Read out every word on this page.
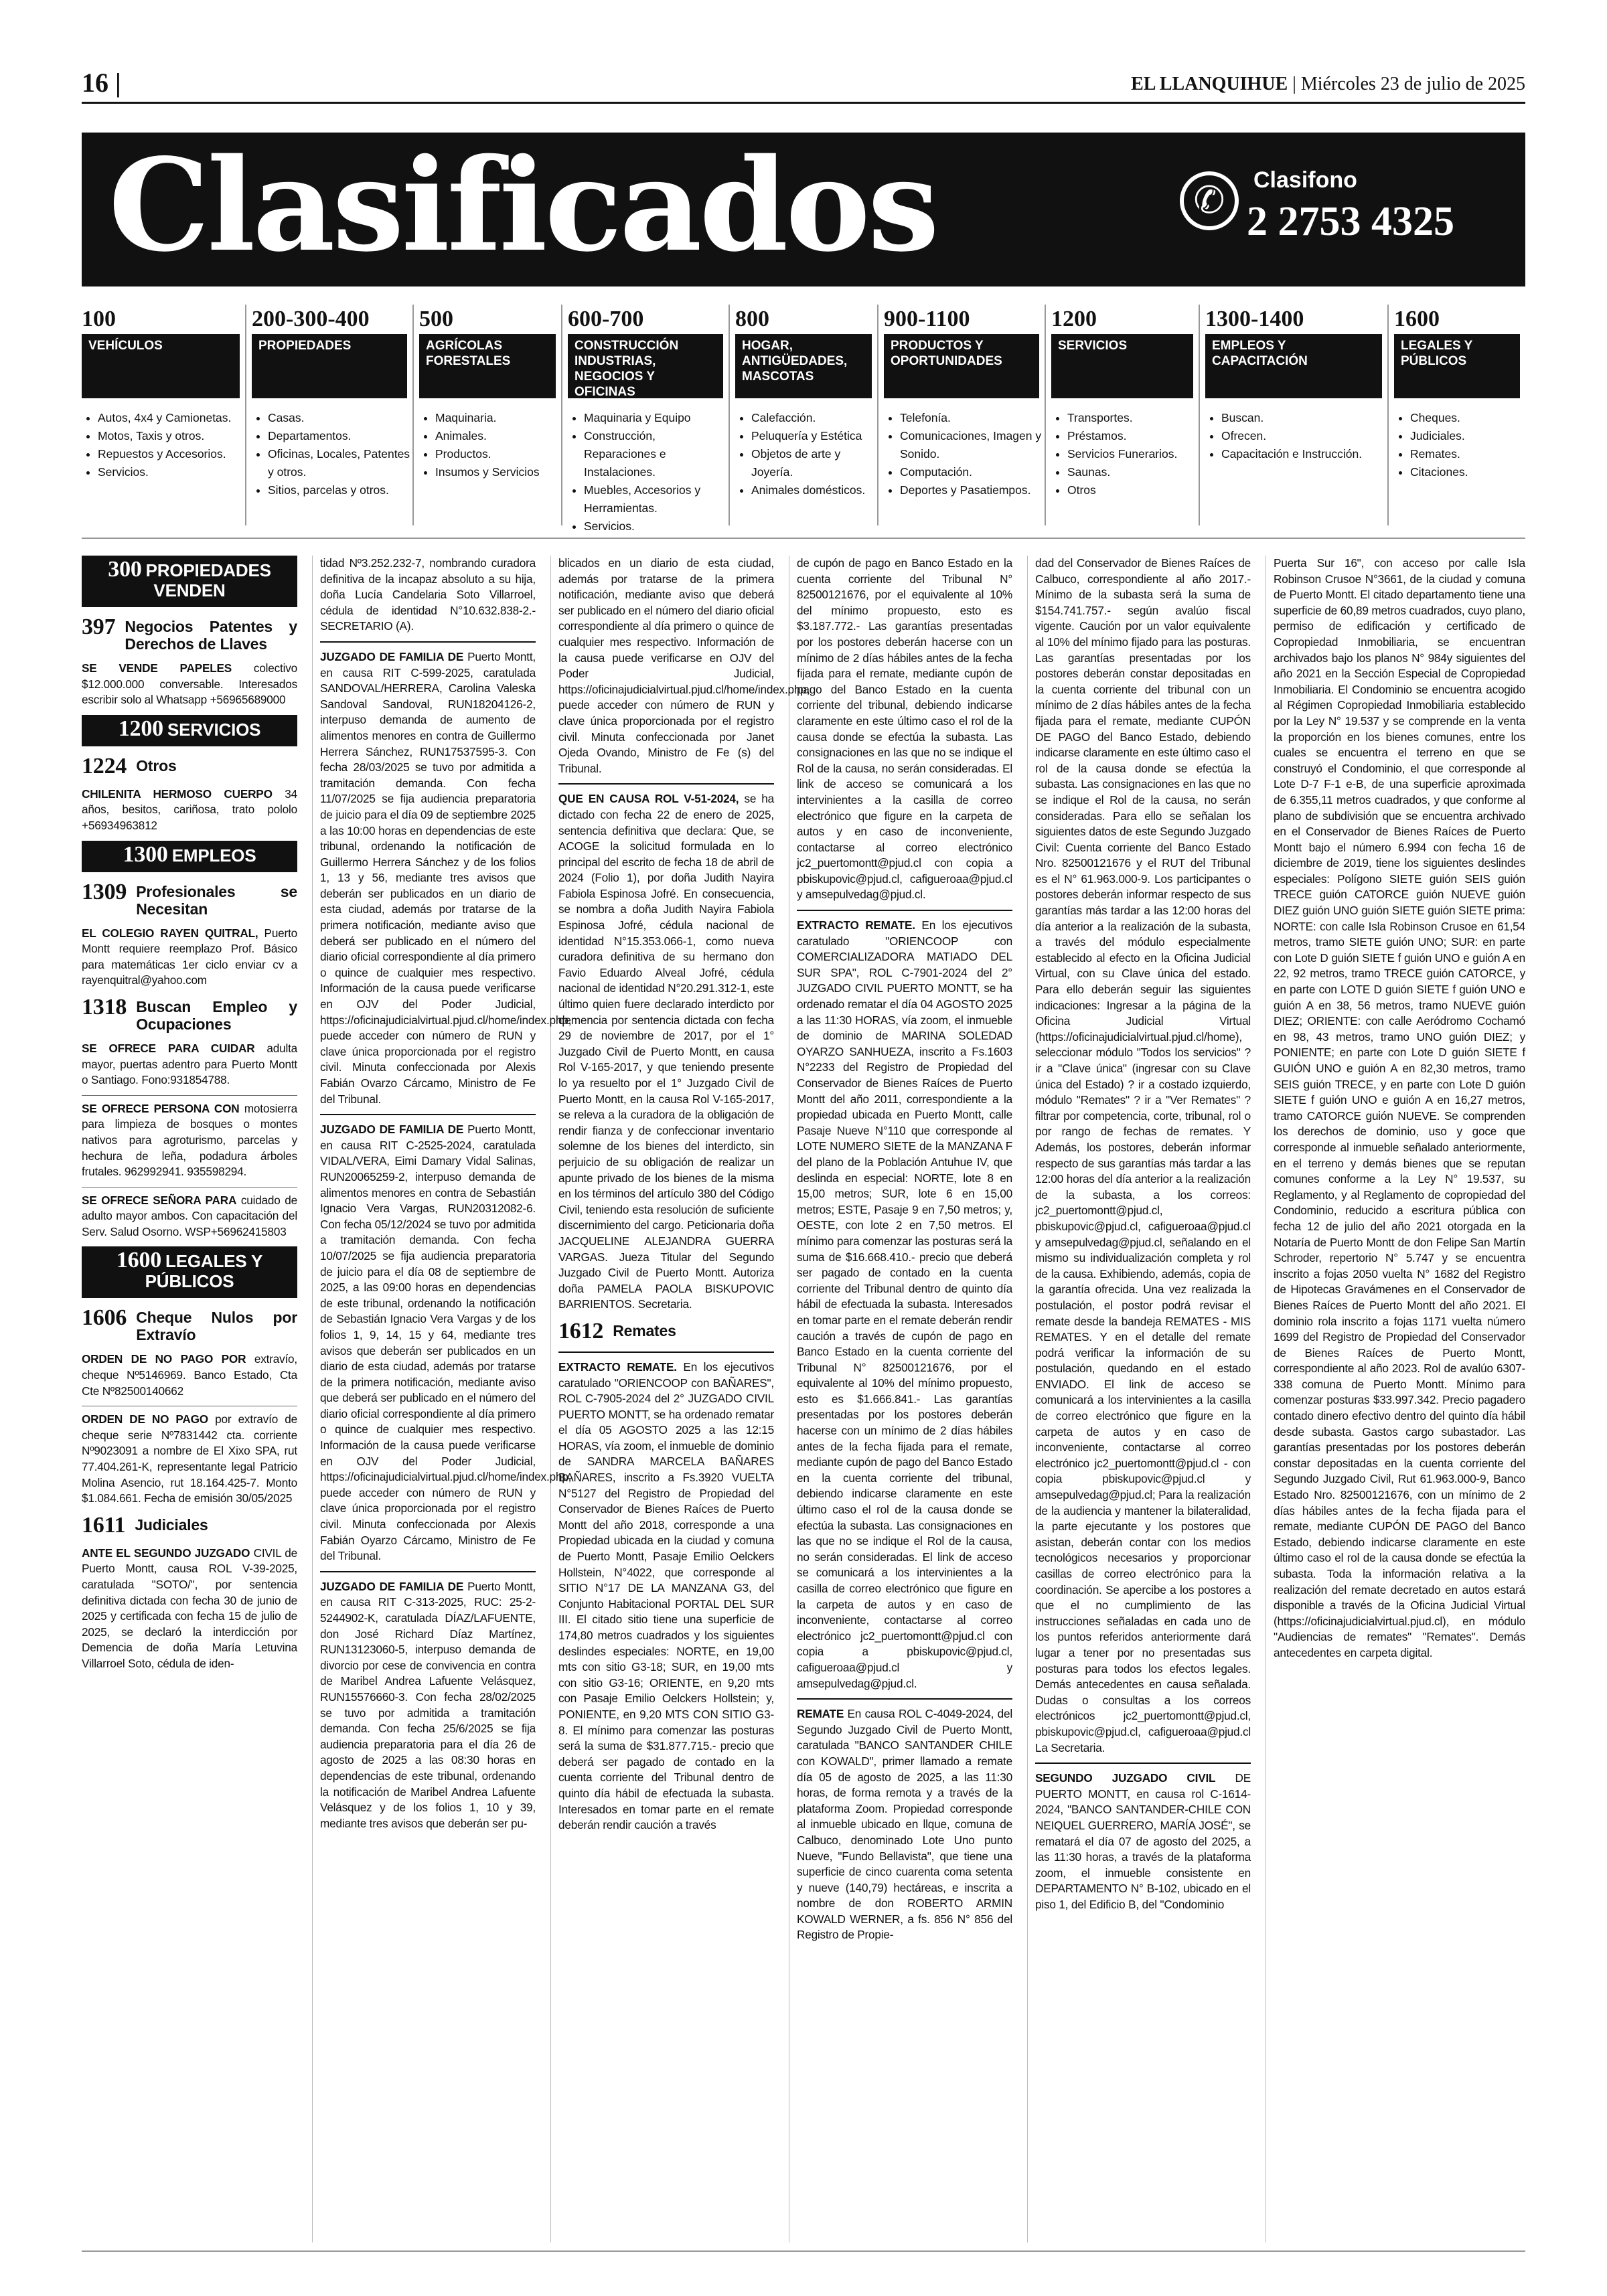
16 |	EL LLANQUIHUE | Miércoles 23 de julio de 2025
Clasificados	✆	Clasifono
2 2753 4325
100
VEHÍCULOS
• Autos, 4x4 y Camionetas.
• Motos, Taxis y otros.
• Repuestos y Accesorios.
• Servicios.
200-300-400
PROPIEDADES
• Casas.
• Departamentos.
• Oficinas, Locales, Patentes y otros.
• Sitios, parcelas y otros.
500
AGRÍCOLAS FORESTALES
• Maquinaria.
• Animales.
• Productos.
• Insumos y Servicios
600-700
CONSTRUCCIÓN INDUSTRIAS, NEGOCIOS Y OFICINAS
• Maquinaria y Equipo
• Construcción, Reparaciones e Instalaciones.
• Muebles, Accesorios y Herramientas.
• Servicios.
800
HOGAR, ANTIGÜEDADES, MASCOTAS
• Calefacción.
• Peluquería y Estética
• Objetos de arte y Joyería.
• Animales domésticos.
900-1100
PRODUCTOS Y OPORTUNIDADES
• Telefonía.
• Comunicaciones, Imagen y Sonido.
• Computación.
• Deportes y Pasatiempos.
1200
SERVICIOS
• Transportes.
• Préstamos.
• Servicios Funerarios.
• Saunas.
• Otros
1300-1400
EMPLEOS Y CAPACITACIÓN
• Buscan.
• Ofrecen.
• Capacitación e Instrucción.
1600
LEGALES Y PÚBLICOS
• Cheques.
• Judiciales.
• Remates.
• Citaciones.
300 PROPIEDADES VENDEN
397 Negocios Patentes y Derechos de Llaves

SE VENDE PAPELES colectivo $12.000.000 conversable. Interesados escribir solo al Whatsapp +56965689000

1200 SERVICIOS
1224 Otros

CHILENITA HERMOSO CUERPO 34 años, besitos, cariñosa, trato pololo +56934963812

1300 EMPLEOS
1309 Profesionales se Necesitan

EL COLEGIO RAYEN QUITRAL, Puerto Montt requiere reemplazo Prof. Básico para matemáticas 1er ciclo enviar cv a rayenquitral@yahoo.com

1318 Buscan Empleo y Ocupaciones

SE OFRECE PARA CUIDAR adulta mayor, puertas adentro para Puerto Montt o Santiago. Fono:931854788.

SE OFRECE PERSONA CON motosierra para limpieza de bosques o montes nativos para agroturismo, parcelas y hechura de leña, podadura árboles frutales. 962992941. 935598294.

SE OFRECE SEÑORA PARA cuidado de adulto mayor ambos. Con capacitación del Serv. Salud Osorno. WSP+56962415803

1600 LEGALES Y PÚBLICOS
1606 Cheque Nulos por Extravío

ORDEN DE NO PAGO POR extravío, cheque Nº5146969. Banco Estado, Cta Cte Nº82500140662

ORDEN DE NO PAGO por extravío de cheque serie Nº7831442 cta. corriente Nº9023091 a nombre de El Xixo SPA, rut 77.404.261-K, representante legal Patricio Molina Asencio, rut 18.164.425-7. Monto $1.084.661. Fecha de emisión 30/05/2025

1611 Judiciales

ANTE EL SEGUNDO JUZGADO CIVIL de Puerto Montt, causa ROL V-39-2025, caratulada "SOTO/", por sentencia definitiva dictada con fecha 30 de junio de 2025 y certificada con fecha 15 de julio de 2025, se declaró la interdicción por Demencia de doña María Letuvina Villarroel Soto, cédula de iden-

tidad Nº3.252.232-7, nombrando curadora definitiva de la incapaz absoluto a su hija, doña Lucía Candelaria Soto Villarroel, cédula de identidad N°10.632.838-2.-SECRETARIO (A).

JUZGADO DE FAMILIA DE Puerto Montt, en causa RIT C-599-2025, caratulada SANDOVAL/HERRERA, Carolina Valeska Sandoval Sandoval, RUN18204126-2, interpuso demanda de aumento de alimentos menores en contra de Guillermo Herrera Sánchez, RUN17537595-3. Con fecha 28/03/2025 se tuvo por admitida a tramitación demanda. Con fecha 11/07/2025 se fija audiencia preparatoria de juicio para el día 09 de septiembre 2025 a las 10:00 horas en dependencias de este tribunal, ordenando la notificación de Guillermo Herrera Sánchez y de los folios 1, 13 y 56, mediante tres avisos que deberán ser publicados en un diario de esta ciudad, además por tratarse de la primera notificación, mediante aviso que deberá ser publicado en el número del diario oficial correspondiente al día primero o quince de cualquier mes respectivo. Información de la causa puede verificarse en OJV del Poder Judicial, https://oficinajudicialvirtual.pjud.cl/home/index.php, puede acceder con número de RUN y clave única proporcionada por el registro civil. Minuta confeccionada por Alexis Fabián Ovarzo Cárcamo, Ministro de Fe del Tribunal.

JUZGADO DE FAMILIA DE Puerto Montt, en causa RIT C-2525-2024, caratulada VIDAL/VERA, Eimi Damary Vidal Salinas, RUN20065259-2, interpuso demanda de alimentos menores en contra de Sebastián Ignacio Vera Vargas, RUN20312082-6. Con fecha 05/12/2024 se tuvo por admitida a tramitación demanda. Con fecha 10/07/2025 se fija audiencia preparatoria de juicio para el día 08 de septiembre de 2025, a las 09:00 horas en dependencias de este tribunal, ordenando la notificación de Sebastián Ignacio Vera Vargas y de los folios 1, 9, 14, 15 y 64, mediante tres avisos que deberán ser publicados en un diario de esta ciudad, además por tratarse de la primera notificación, mediante aviso que deberá ser publicado en el número del diario oficial correspondiente al día primero o quince de cualquier mes respectivo. Información de la causa puede verificarse en OJV del Poder Judicial, https://oficinajudicialvirtual.pjud.cl/home/index.php, puede acceder con número de RUN y clave única proporcionada por el registro civil. Minuta confeccionada por Alexis Fabián Oyarzo Cárcamo, Ministro de Fe del Tribunal.

JUZGADO DE FAMILIA DE Puerto Montt, en causa RIT C-313-2025, RUC: 25-2-5244902-K, caratulada DÍAZ/LAFUENTE, don José Richard Díaz Martínez, RUN13123060-5, interpuso demanda de divorcio por cese de convivencia en contra de Maribel Andrea Lafuente Velásquez, RUN15576660-3. Con fecha 28/02/2025 se tuvo por admitida a tramitación demanda. Con fecha 25/6/2025 se fija audiencia preparatoria para el día 26 de agosto de 2025 a las 08:30 horas en dependencias de este tribunal, ordenando la notificación de Maribel Andrea Lafuente Velásquez y de los folios 1, 10 y 39, mediante tres avisos que deberán ser pu-

blicados en un diario de esta ciudad, además por tratarse de la primera notificación, mediante aviso que deberá ser publicado en el número del diario oficial correspondiente al día primero o quince de cualquier mes respectivo. Información de la causa puede verificarse en OJV del Poder Judicial, https://oficinajudicialvirtual.pjud.cl/home/index.php, puede acceder con número de RUN y clave única proporcionada por el registro civil. Minuta confeccionada por Janet Ojeda Ovando, Ministro de Fe (s) del Tribunal.

QUE EN CAUSA ROL V-51-2024, se ha dictado con fecha 22 de enero de 2025, sentencia definitiva que declara: Que, se ACOGE la solicitud formulada en lo principal del escrito de fecha 18 de abril de 2024 (Folio 1), por doña Judith Nayira Fabiola Espinosa Jofré. En consecuencia, se nombra a doña Judith Nayira Fabiola Espinosa Jofré, cédula nacional de identidad N°15.353.066-1, como nueva curadora definitiva de su hermano don Favio Eduardo Alveal Jofré, cédula nacional de identidad N°20.291.312-1, este último quien fuere declarado interdicto por demencia por sentencia dictada con fecha 29 de noviembre de 2017, por el 1° Juzgado Civil de Puerto Montt, en causa Rol V-165-2017, y que teniendo presente lo ya resuelto por el 1° Juzgado Civil de Puerto Montt, en la causa Rol V-165-2017, se releva a la curadora de la obligación de rendir fianza y de confeccionar inventario solemne de los bienes del interdicto, sin perjuicio de su obligación de realizar un apunte privado de los bienes de la misma en los términos del artículo 380 del Código Civil, teniendo esta resolución de suficiente discernimiento del cargo. Peticionaria doña JACQUELINE ALEJANDRA GUERRA VARGAS. Jueza Titular del Segundo Juzgado Civil de Puerto Montt. Autoriza doña PAMELA PAOLA BISKUPOVIC BARRIENTOS. Secretaria.

1612 Remates

EXTRACTO REMATE. En los ejecutivos caratulado "ORIENCOOP con BAÑARES", ROL C-7905-2024 del 2° JUZGADO CIVIL PUERTO MONTT, se ha ordenado rematar el día 05 AGOSTO 2025 a las 12:15 HORAS, vía zoom, el inmueble de dominio de SANDRA MARCELA BAÑARES BAÑARES, inscrito a Fs.3920 VUELTA N°5127 del Registro de Propiedad del Conservador de Bienes Raíces de Puerto Montt del año 2018, corresponde a una Propiedad ubicada en la ciudad y comuna de Puerto Montt, Pasaje Emilio Oelckers Hollstein, N°4022, que corresponde al SITIO N°17 DE LA MANZANA G3, del Conjunto Habitacional PORTAL DEL SUR III. El citado sitio tiene una superficie de 174,80 metros cuadrados y los siguientes deslindes especiales: NORTE, en 19,00 mts con sitio G3-18; SUR, en 19,00 mts con sitio G3-16; ORIENTE, en 9,20 mts con Pasaje Emilio Oelckers Hollstein; y, PONIENTE, en 9,20 MTS CON SITIO G3-8. El mínimo para comenzar las posturas será la suma de $31.877.715.- precio que deberá ser pagado de contado en la cuenta corriente del Tribunal dentro de quinto día hábil de efectuada la subasta. Interesados en tomar parte en el remate deberán rendir caución a través

de cupón de pago en Banco Estado en la cuenta corriente del Tribunal N° 82500121676, por el equivalente al 10% del mínimo propuesto, esto es $3.187.772.- Las garantías presentadas por los postores deberán hacerse con un mínimo de 2 días hábiles antes de la fecha fijada para el remate, mediante cupón de pago del Banco Estado en la cuenta corriente del tribunal, debiendo indicarse claramente en este último caso el rol de la causa donde se efectúa la subasta. Las consignaciones en las que no se indique el Rol de la causa, no serán consideradas. El link de acceso se comunicará a los intervinientes a la casilla de correo electrónico que figure en la carpeta de autos y en caso de inconveniente, contactarse al correo electrónico jc2_puertomontt@pjud.cl con copia a pbiskupovic@pjud.cl, cafigueroaa@pjud.cl y amsepulvedag@pjud.cl.

EXTRACTO REMATE. En los ejecutivos caratulado "ORIENCOOP con COMERCIALIZADORA MATIADO DEL SUR SPA", ROL C-7901-2024 del 2° JUZGADO CIVIL PUERTO MONTT, se ha ordenado rematar el día 04 AGOSTO 2025 a las 11:30 HORAS, vía zoom, el inmueble de dominio de MARINA SOLEDAD OYARZO SANHUEZA, inscrito a Fs.1603 N°2233 del Registro de Propiedad del Conservador de Bienes Raíces de Puerto Montt del año 2011, correspondiente a la propiedad ubicada en Puerto Montt, calle Pasaje Nueve N°110 que corresponde al LOTE NUMERO SIETE de la MANZANA F del plano de la Población Antuhue IV, que deslinda en especial: NORTE, lote 8 en 15,00 metros; SUR, lote 6 en 15,00 metros; ESTE, Pasaje 9 en 7,50 metros; y, OESTE, con lote 2 en 7,50 metros. El mínimo para comenzar las posturas será la suma de $16.668.410.- precio que deberá ser pagado de contado en la cuenta corriente del Tribunal dentro de quinto día hábil de efectuada la subasta. Interesados en tomar parte en el remate deberán rendir caución a través de cupón de pago en Banco Estado en la cuenta corriente del Tribunal N° 82500121676, por el equivalente al 10% del mínimo propuesto, esto es $1.666.841.- Las garantías presentadas por los postores deberán hacerse con un mínimo de 2 días hábiles antes de la fecha fijada para el remate, mediante cupón de pago del Banco Estado en la cuenta corriente del tribunal, debiendo indicarse claramente en este último caso el rol de la causa donde se efectúa la subasta. Las consignaciones en las que no se indique el Rol de la causa, no serán consideradas. El link de acceso se comunicará a los intervinientes a la casilla de correo electrónico que figure en la carpeta de autos y en caso de inconveniente, contactarse al correo electrónico jc2_puertomontt@pjud.cl con copia a pbiskupovic@pjud.cl, cafigueroaa@pjud.cl y amsepulvedag@pjud.cl.

REMATE En causa ROL C-4049-2024, del Segundo Juzgado Civil de Puerto Montt, caratulada "BANCO SANTANDER CHILE con KOWALD", primer llamado a remate día 05 de agosto de 2025, a las 11:30 horas, de forma remota y a través de la plataforma Zoom. Propiedad corresponde al inmueble ubicado en llque, comuna de Calbuco, denominado Lote Uno punto Nueve, "Fundo Bellavista", que tiene una superficie de cinco cuarenta coma setenta y nueve (140,79) hectáreas, e inscrita a nombre de don ROBERTO ARMIN KOWALD WERNER, a fs. 856 N° 856 del Registro de Propie-

dad del Conservador de Bienes Raíces de Calbuco, correspondiente al año 2017.- Mínimo de la subasta será la suma de $154.741.757.- según avalúo fiscal vigente. Caución por un valor equivalente al 10% del mínimo fijado para las posturas. Las garantías presentadas por los postores deberán constar depositadas en la cuenta corriente del tribunal con un mínimo de 2 días hábiles antes de la fecha fijada para el remate, mediante CUPÓN DE PAGO del Banco Estado, debiendo indicarse claramente en este último caso el rol de la causa donde se efectúa la subasta. Las consignaciones en las que no se indique el Rol de la causa, no serán consideradas. Para ello se señalan los siguientes datos de este Segundo Juzgado Civil: Cuenta corriente del Banco Estado Nro. 82500121676 y el RUT del Tribunal es el N° 61.963.000-9. Los participantes o postores deberán informar respecto de sus garantías más tardar a las 12:00 horas del día anterior a la realización de la subasta, a través del módulo especialmente establecido al efecto en la Oficina Judicial Virtual, con su Clave única del estado. Para ello deberán seguir las siguientes indicaciones: Ingresar a la página de la Oficina Judicial Virtual (https://oficinajudicialvirtual.pjud.cl/home), seleccionar módulo "Todos los servicios" ? ir a "Clave única" (ingresar con su Clave única del Estado) ? ir a costado izquierdo, módulo "Remates" ? ir a "Ver Remates" ? filtrar por competencia, corte, tribunal, rol o por rango de fechas de remates. Y Además, los postores, deberán informar respecto de sus garantías más tardar a las 12:00 horas del día anterior a la realización de la subasta, a los correos: jc2_puertomontt@pjud.cl, pbiskupovic@pjud.cl, cafigueroaa@pjud.cl y amsepulvedag@pjud.cl, señalando en el mismo su individualización completa y rol de la causa. Exhibiendo, además, copia de la garantía ofrecida. Una vez realizada la postulación, el postor podrá revisar el remate desde la bandeja REMATES - MIS REMATES. Y en el detalle del remate podrá verificar la información de su postulación, quedando en el estado ENVIADO. El link de acceso se comunicará a los intervinientes a la casilla de correo electrónico que figure en la carpeta de autos y en caso de inconveniente, contactarse al correo electrónico jc2_puertomontt@pjud.cl - con copia pbiskupovic@pjud.cl y amsepulvedag@pjud.cl; Para la realización de la audiencia y mantener la bilateralidad, la parte ejecutante y los postores que asistan, deberán contar con los medios tecnológicos necesarios y proporcionar casillas de correo electrónico para la coordinación. Se apercibe a los postores a que el no cumplimiento de las instrucciones señaladas en cada uno de los puntos referidos anteriormente dará lugar a tener por no presentadas sus posturas para todos los efectos legales. Demás antecedentes en causa señalada. Dudas o consultas a los correos electrónicos jc2_puertomontt@pjud.cl, pbiskupovic@pjud.cl, cafigueroaa@pjud.cl La Secretaria.

SEGUNDO JUZGADO CIVIL DE PUERTO MONTT, en causa rol C-1614-2024, "BANCO SANTANDER-CHILE CON NEIQUEL GUERRERO, MARÍA JOSÉ", se rematará el día 07 de agosto del 2025, a las 11:30 horas, a través de la plataforma zoom, el inmueble consistente en DEPARTAMENTO N° B-102, ubicado en el piso 1, del Edificio B, del "Condominio

Puerta Sur 16", con acceso por calle Isla Robinson Crusoe N°3661, de la ciudad y comuna de Puerto Montt. El citado departamento tiene una superficie de 60,89 metros cuadrados, cuyo plano, permiso de edificación y certificado de Copropiedad Inmobiliaria, se encuentran archivados bajo los planos N° 984y siguientes del año 2021 en la Sección Especial de Copropiedad Inmobiliaria. El Condominio se encuentra acogido al Régimen Copropiedad Inmobiliaria establecido por la Ley N° 19.537 y se comprende en la venta la proporción en los bienes comunes, entre los cuales se encuentra el terreno en que se construyó el Condominio, el que corresponde al Lote D-7 F-1 e-B, de una superficie aproximada de 6.355,11 metros cuadrados, y que conforme al plano de subdivisión que se encuentra archivado en el Conservador de Bienes Raíces de Puerto Montt bajo el número 6.994 con fecha 16 de diciembre de 2019, tiene los siguientes deslindes especiales: Polígono SIETE guión SEIS guión TRECE guión CATORCE guión NUEVE guión DIEZ guión UNO guión SIETE guión SIETE prima: NORTE: con calle Isla Robinson Crusoe en 61,54 metros, tramo SIETE guión UNO; SUR: en parte con Lote D guión SIETE f guión UNO e guión A en 22, 92 metros, tramo TRECE guión CATORCE, y en parte con LOTE D guión SIETE f guión UNO e guión A en 38, 56 metros, tramo NUEVE guión DIEZ; ORIENTE: con calle Aeródromo Cochamó en 98, 43 metros, tramo UNO guión DIEZ; y PONIENTE; en parte con Lote D guión SIETE f GUIÓN UNO e guión A en 82,30 metros, tramo SEIS guión TRECE, y en parte con Lote D guión SIETE f guión UNO e guión A en 16,27 metros, tramo CATORCE guión NUEVE. Se comprenden los derechos de dominio, uso y goce que corresponde al inmueble señalado anteriormente, en el terreno y demás bienes que se reputan comunes conforme a la Ley N° 19.537, su Reglamento, y al Reglamento de copropiedad del Condominio, reducido a escritura pública con fecha 12 de julio del año 2021 otorgada en la Notaría de Puerto Montt de don Felipe San Martín Schroder, repertorio N° 5.747 y se encuentra inscrito a fojas 2050 vuelta N° 1682 del Registro de Hipotecas Gravámenes en el Conservador de Bienes Raíces de Puerto Montt del año 2021. El dominio rola inscrito a fojas 1171 vuelta número 1699 del Registro de Propiedad del Conservador de Bienes Raíces de Puerto Montt, correspondiente al año 2023. Rol de avalúo 6307-338 comuna de Puerto Montt. Mínimo para comenzar posturas $33.997.342. Precio pagadero contado dinero efectivo dentro del quinto día hábil desde subasta. Gastos cargo subastador. Las garantías presentadas por los postores deberán constar depositadas en la cuenta corriente del Segundo Juzgado Civil, Rut 61.963.000-9, Banco Estado Nro. 82500121676, con un mínimo de 2 días hábiles antes de la fecha fijada para el remate, mediante CUPÓN DE PAGO del Banco Estado, debiendo indicarse claramente en este último caso el rol de la causa donde se efectúa la subasta. Toda la información relativa a la realización del remate decretado en autos estará disponible a través de la Oficina Judicial Virtual (https://oficinajudicialvirtual.pjud.cl), en módulo "Audiencias de remates" "Remates". Demás antecedentes en carpeta digital.
